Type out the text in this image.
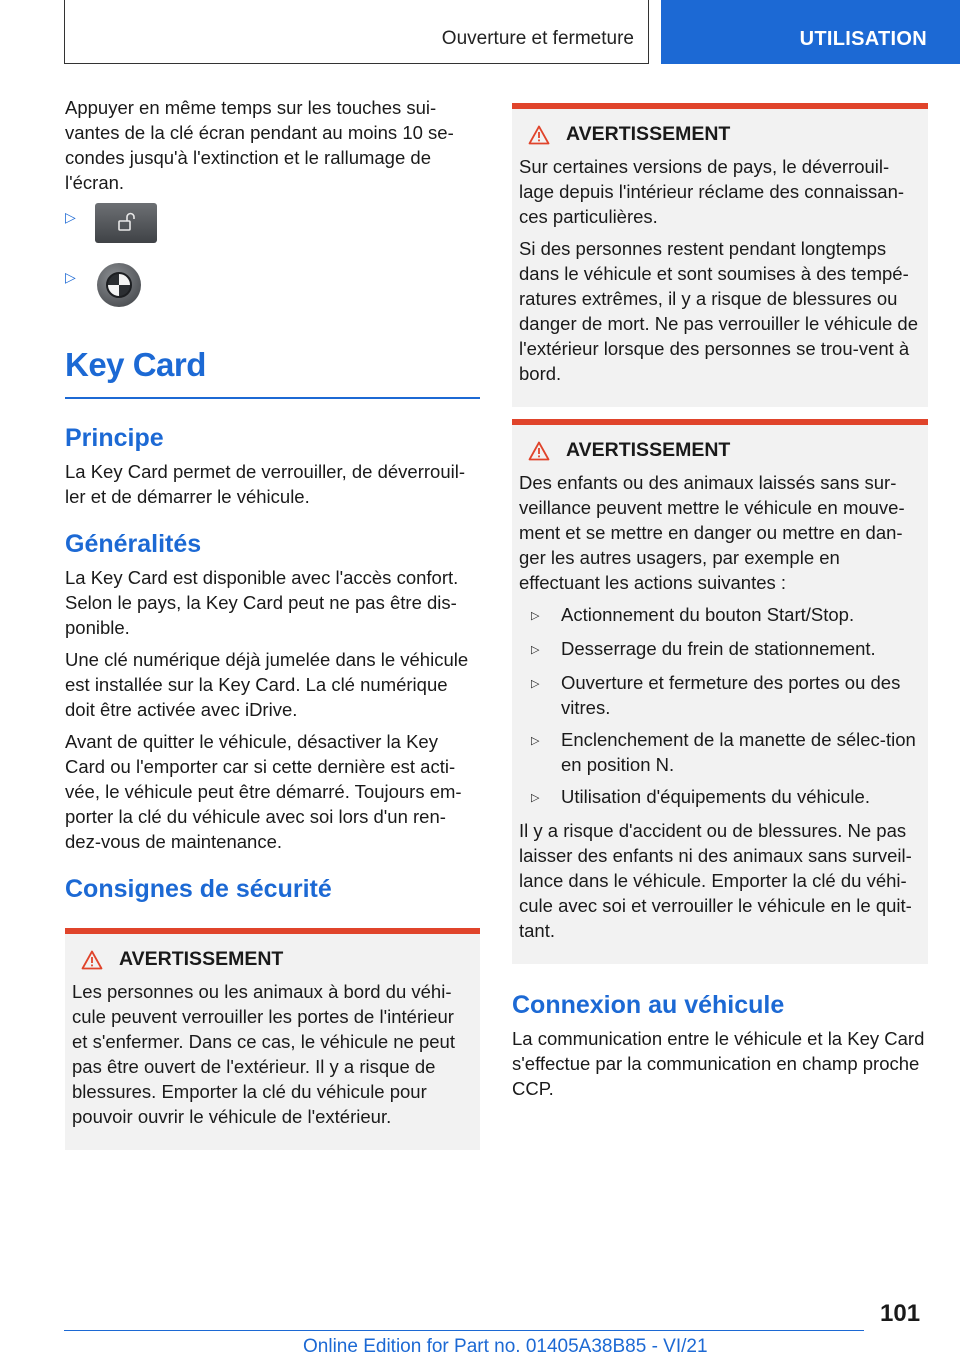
Ouverture et fermeture	UTILISATION

Appuyer en même temps sur les touches sui-vantes de la clé écran pendant au moins 10 se-condes jusqu'à l'extinction et le rallumage de l'écran.

▷
▷
Key Card
Principe

La Key Card permet de verrouiller, de déverrouil-ler et de démarrer le véhicule.

Généralités

La Key Card est disponible avec l'accès confort. Selon le pays, la Key Card peut ne pas être dis-ponible.

Une clé numérique déjà jumelée dans le véhicule est installée sur la Key Card. La clé numérique doit être activée avec iDrive.

Avant de quitter le véhicule, désactiver la Key Card ou l'emporter car si cette dernière est acti-vée, le véhicule peut être démarré. Toujours em-porter la clé du véhicule avec soi lors d'un ren-dez-vous de maintenance.

Consignes de sécurité
AVERTISSEMENT

Les personnes ou les animaux à bord du véhi-cule peuvent verrouiller les portes de l'intérieur et s'enfermer. Dans ce cas, le véhicule ne peut pas être ouvert de l'extérieur. Il y a risque de blessures. Emporter la clé du véhicule pour pouvoir ouvrir le véhicule de l'extérieur.

AVERTISSEMENT

Sur certaines versions de pays, le déverrouil-lage depuis l'intérieur réclame des connaissan-ces particulières.

Si des personnes restent pendant longtemps dans le véhicule et sont soumises à des tempé-ratures extrêmes, il y a risque de blessures ou danger de mort. Ne pas verrouiller le véhicule de l'extérieur lorsque des personnes se trou-vent à bord.

AVERTISSEMENT

Des enfants ou des animaux laissés sans sur-veillance peuvent mettre le véhicule en mouve-ment et se mettre en danger ou mettre en dan-ger les autres usagers, par exemple en effectuant les actions suivantes :

▷	Actionnement du bouton Start/Stop.
▷	Desserrage du frein de stationnement.
▷	Ouverture et fermeture des portes ou des vitres.
▷	Enclenchement de la manette de sélec-tion en position N.
▷	Utilisation d'équipements du véhicule.

Il y a risque d'accident ou de blessures. Ne pas laisser des enfants ni des animaux sans surveil-lance dans le véhicule. Emporter la clé du véhi-cule avec soi et verrouiller le véhicule en le quit-tant.

Connexion au véhicule

La communication entre le véhicule et la Key Card s'effectue par la communication en champ proche CCP.

101
Online Edition for Part no. 01405A38B85 - VI/21
